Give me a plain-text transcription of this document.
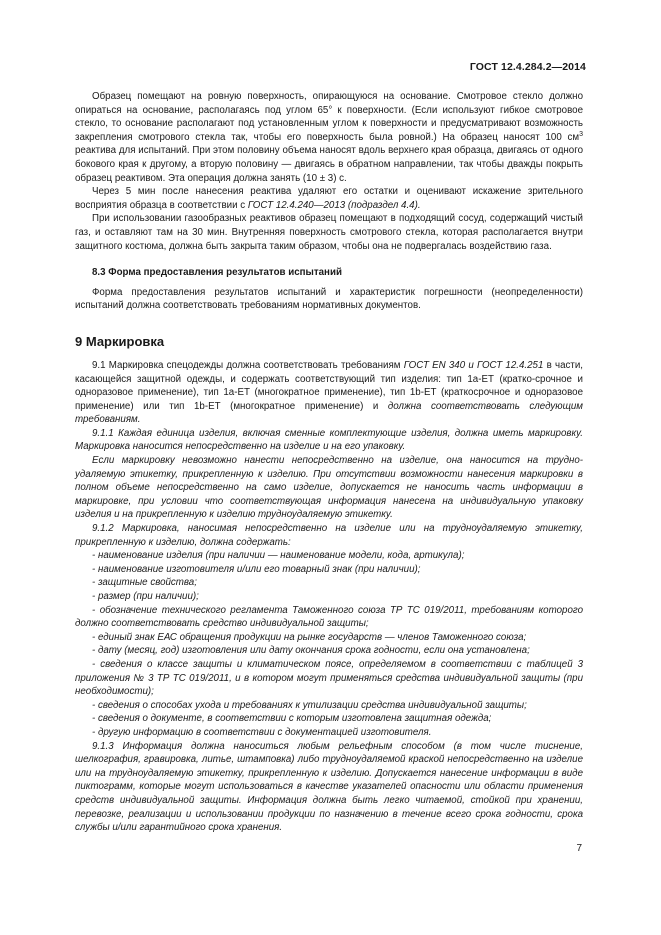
ГОСТ 12.4.284.2—2014

Образец помещают на ровную поверхность, опирающуюся на основание. Смотровое стекло должно опираться на основание, располагаясь под углом 65° к поверхности. (Если используют гибкое смотровое стекло, то основание располагают под установленным углом к поверхности и предусматривают возможность закрепления смотрового стекла так, чтобы его поверхность была ровной.) На образец наносят 100 $см^3$ реактива для испытаний. При этом половину объема наносят вдоль верхнего края образца, двигаясь от одного бокового края к другому, а вторую половину — двигаясь в обратном направлении, так чтобы дважды покрыть образец реактивом. Эта операция должна занять (10 ± 3) с.

Через 5 мин после нанесения реактива удаляют его остатки и оценивают искажение зрительного восприятия образца в соответствии с ГОСТ 12.4.240—2013 (подраздел 4.4).

При использовании газообразных реактивов образец помещают в подходящий сосуд, содержащий чистый газ, и оставляют там на 30 мин. Внутренняя поверхность смотрового стекла, которая располагается внутри защитного костюма, должна быть закрыта таким образом, чтобы она не подвергалась воздействию газа.

8.3 Форма предоставления результатов испытаний

Форма предоставления результатов испытаний и характеристик погрешности (неопределенности) испытаний должна соответствовать требованиям нормативных документов.

9 Маркировка

9.1 Маркировка спецодежды должна соответствовать требованиям ГОСТ EN 340 и ГОСТ 12.4.251 в части, касающейся защитной одежды, и содержать соответствующий тип изделия: тип 1а-ЕТ (кратко-срочное и одноразовое применение), тип 1а-ЕТ (многократное применение), тип 1b-ЕТ (краткосрочное и одноразовое применение) или тип 1b-ЕТ (многократное применение) и должна соответствовать следующим требованиям.

9.1.1 Каждая единица изделия, включая сменные комплектующие изделия, должна иметь маркировку. Маркировка наносится непосредственно на изделие и на его упаковку.

Если маркировку невозможно нанести непосредственно на изделие, она наносится на трудно-удаляемую этикетку, прикрепленную к изделию. При отсутствии возможности нанесения маркировки в полном объеме непосредственно на само изделие, допускается не наносить часть информации в маркировке, при условии что соответствующая информация нанесена на индивидуальную упаковку изделия и на прикрепленную к изделию трудноудаляемую этикетку.

9.1.2 Маркировка, наносимая непосредственно на изделие или на трудноудаляемую этикетку, прикрепленную к изделию, должна содержать:

- наименование изделия (при наличии — наименование модели, кода, артикула);

- наименование изготовителя и/или его товарный знак (при наличии);

- защитные свойства;

- размер (при наличии);

- обозначение технического регламента Таможенного союза ТР ТС 019/2011, требованиям которого должно соответствовать средство индивидуальной защиты;

- единый знак ЕАС обращения продукции на рынке государств — членов Таможенного союза;

- дату (месяц, год) изготовления или дату окончания срока годности, если она установлена;

- сведения о классе защиты и климатическом поясе, определяемом в соответствии с таблицей 3 приложения № 3 ТР ТС 019/2011, и в котором могут применяться средства индивидуальной защиты (при необходимости);

- сведения о способах ухода и требованиях к утилизации средства индивидуальной защиты;

- сведения о документе, в соответствии с которым изготовлена защитная одежда;

- другую информацию в соответствии с документацией изготовителя.

9.1.3 Информация должна наноситься любым рельефным способом (в том числе тиснение, шелкография, гравировка, литье, штамповка) либо трудноудаляемой краской непосредственно на изделие или на трудноудаляемую этикетку, прикрепленную к изделию. Допускается нанесение информации в виде пиктограмм, которые могут использоваться в качестве указателей опасности или области применения средств индивидуальной защиты. Информация должна быть легко читаемой, стойкой при хранении, перевозке, реализации и использовании продукции по назначению в течение всего срока годности, срока службы и/или гарантийного срока хранения.

7
